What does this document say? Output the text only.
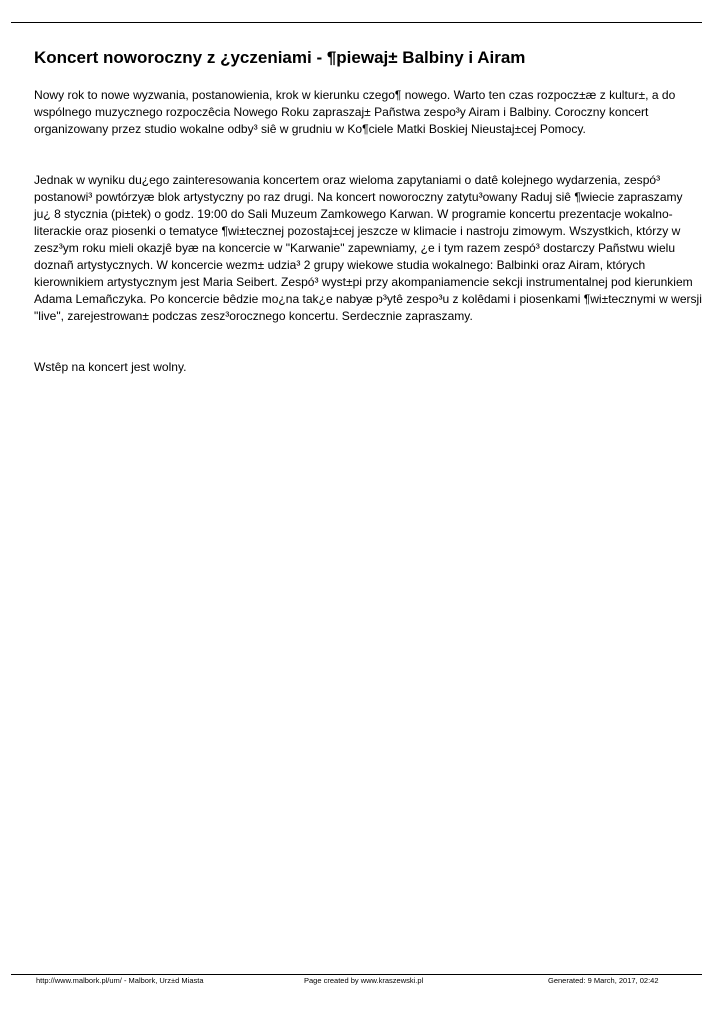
Koncert noworoczny z ¿yczeniami - ¶piewaj± Balbiny i Airam

Nowy rok to nowe wyzwania, postanowienia, krok w kierunku czego¶ nowego. Warto ten czas rozpocz±æ z kultur±, a do wspólnego muzycznego rozpoczêcia Nowego Roku zapraszaj± Pañstwa zespo³y Airam i Balbiny. Coroczny koncert organizowany przez studio wokalne odby³ siê w grudniu w Ko¶ciele Matki Boskiej Nieustaj±cej Pomocy.

Jednak w wyniku du¿ego zainteresowania koncertem oraz wieloma zapytaniami o datê kolejnego wydarzenia, zespó³ postanowi³ powtórzyæ blok artystyczny po raz drugi. Na koncert noworoczny zatytu³owany Raduj siê ¶wiecie zapraszamy ju¿ 8 stycznia (pi±tek) o godz. 19:00 do Sali Muzeum Zamkowego Karwan. W programie koncertu prezentacje wokalno-literackie oraz piosenki o tematyce ¶wi±tecznej pozostaj±cej jeszcze w klimacie i nastroju zimowym. Wszystkich, którzy w zesz³ym roku mieli okazjê byæ na koncercie w "Karwanie" zapewniamy, ¿e i tym razem zespó³ dostarczy Pañstwu wielu doznañ artystycznych. W koncercie wezm± udzia³ 2 grupy wiekowe studia wokalnego: Balbinki oraz Airam, których kierownikiem artystycznym jest Maria Seibert. Zespó³ wyst±pi przy akompaniamencie sekcji instrumentalnej pod kierunkiem Adama Lemañczyka. Po koncercie bêdzie mo¿na tak¿e nabyæ p³ytê zespo³u z kolêdami i piosenkami ¶wi±tecznymi w wersji "live", zarejestrowan± podczas zesz³orocznego koncertu. Serdecznie zapraszamy.

Wstêp na koncert jest wolny.

http://www.malbork.pl/um/ - Malbork, Urz±d Miasta	Page created by www.kraszewski.pl	Generated: 9 March, 2017, 02:42
